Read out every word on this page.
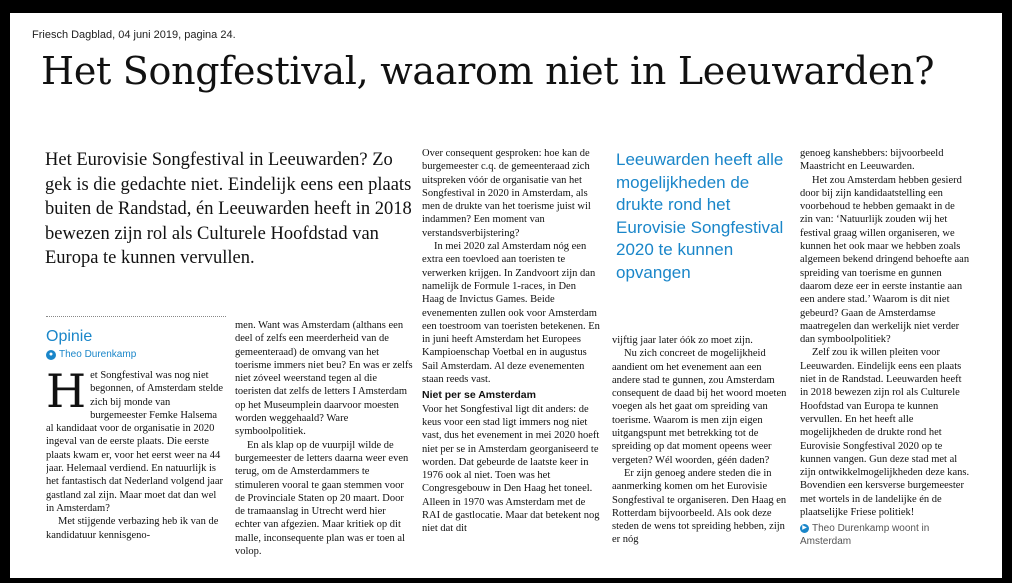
Friesch Dagblad, 04 juni 2019, pagina 24.
Het Songfestival, waarom niet in Leeuwarden?

Het Eurovisie Songfestival in Leeuwarden? Zo gek is die gedachte niet. Eindelijk eens een plaats buiten de Randstad, én Leeuwarden heeft in 2018 bewezen zijn rol als Culturele Hoofdstad van Europa te kunnen vervullen.

Opinie
● Theo Durenkamp
H et Songfestival was nog niet begonnen, of Amsterdam stelde zich bij monde van burgemeester Femke Halsema al kandidaat voor de organisatie in 2020 ingeval van de eerste plaats. Die eerste plaats kwam er, voor het eerst weer na 44 jaar. Helemaal verdiend. En natuurlijk is het fantastisch dat Nederland volgend jaar gastland zal zijn. Maar moet dat dan wel in Amsterdam?

Met stijgende verbazing heb ik van de kandidatuur kennisgeno-

men. Want was Amsterdam (althans een deel of zelfs een meerderheid van de gemeenteraad) de omvang van het toerisme immers niet beu? En was er zelfs niet zóveel weerstand tegen al die toeristen dat zelfs de letters I Amsterdam op het Museumplein daarvoor moesten worden weggehaald? Ware symboolpolitiek.

En als klap op de vuurpijl wilde de burgemeester de letters daarna weer even terug, om de Amsterdammers te stimuleren vooral te gaan stemmen voor de Provinciale Staten op 20 maart. Door de tramaanslag in Utrecht werd hier echter van afgezien. Maar kritiek op dit malle, inconsequente plan was er toen al volop.

Over consequent gesproken: hoe kan de burgemeester c.q. de gemeenteraad zich uitspreken vóór de organisatie van het Songfestival in 2020 in Amsterdam, als men de drukte van het toerisme juist wil indammen? Een moment van verstandsverbijstering?

In mei 2020 zal Amsterdam nóg een extra een toevloed aan toeristen te verwerken krijgen. In Zandvoort zijn dan namelijk de Formule 1-races, in Den Haag de Invictus Games. Beide evenementen zullen ook voor Amsterdam een toestroom van toeristen betekenen. En in juni heeft Amsterdam het Europees Kampioenschap Voetbal en in augustus Sail Amsterdam. Al deze evenementen staan reeds vast.

Niet per se Amsterdam

Voor het Songfestival ligt dit anders: de keus voor een stad ligt immers nog niet vast, dus het evenement in mei 2020 hoeft niet per se in Amsterdam georganiseerd te worden. Dat gebeurde de laatste keer in 1976 ook al niet. Toen was het Congresgebouw in Den Haag het toneel. Alleen in 1970 was Amsterdam met de RAI de gastlocatie. Maar dat betekent nog niet dat dit

Leeuwarden heeft alle mogelijkheden de drukte rond het Eurovisie Songfestival 2020 te kunnen opvangen

vijftig jaar later óók zo moet zijn.

Nu zich concreet de mogelijkheid aandient om het evenement aan een andere stad te gunnen, zou Amsterdam consequent de daad bij het woord moeten voegen als het gaat om spreiding van toerisme. Waarom is men zijn eigen uitgangspunt met betrekking tot de spreiding op dat moment opeens weer vergeten? Wél woorden, géén daden?

Er zijn genoeg andere steden die in aanmerking komen om het Eurovisie Songfestival te organiseren. Den Haag en Rotterdam bijvoorbeeld. Als ook deze steden de wens tot spreiding hebben, zijn er nóg

genoeg kanshebbers: bijvoorbeeld Maastricht en Leeuwarden.

Het zou Amsterdam hebben gesierd door bij zijn kandidaatstelling een voorbehoud te hebben gemaakt in de zin van: ‘Natuurlijk zouden wij het festival graag willen organiseren, we kunnen het ook maar we hebben zoals algemeen bekend dringend behoefte aan spreiding van toerisme en gunnen daarom deze eer in eerste instantie aan een andere stad.’ Waarom is dit niet gebeurd? Gaan de Amsterdamse maatregelen dan werkelijk niet verder dan symboolpolitiek?

Zelf zou ik willen pleiten voor Leeuwarden. Eindelijk eens een plaats niet in de Randstad. Leeuwarden heeft in 2018 bewezen zijn rol als Culturele Hoofdstad van Europa te kunnen vervullen. En het heeft alle mogelijkheden de drukte rond het Eurovisie Songfestival 2020 op te kunnen vangen. Gun deze stad met al zijn ontwikkelmogelijkheden deze kans. Bovendien een kersverse burgemeester met wortels in de landelijke én de plaatselijke Friese politiek!

▶ Theo Durenkamp woont in Amsterdam
